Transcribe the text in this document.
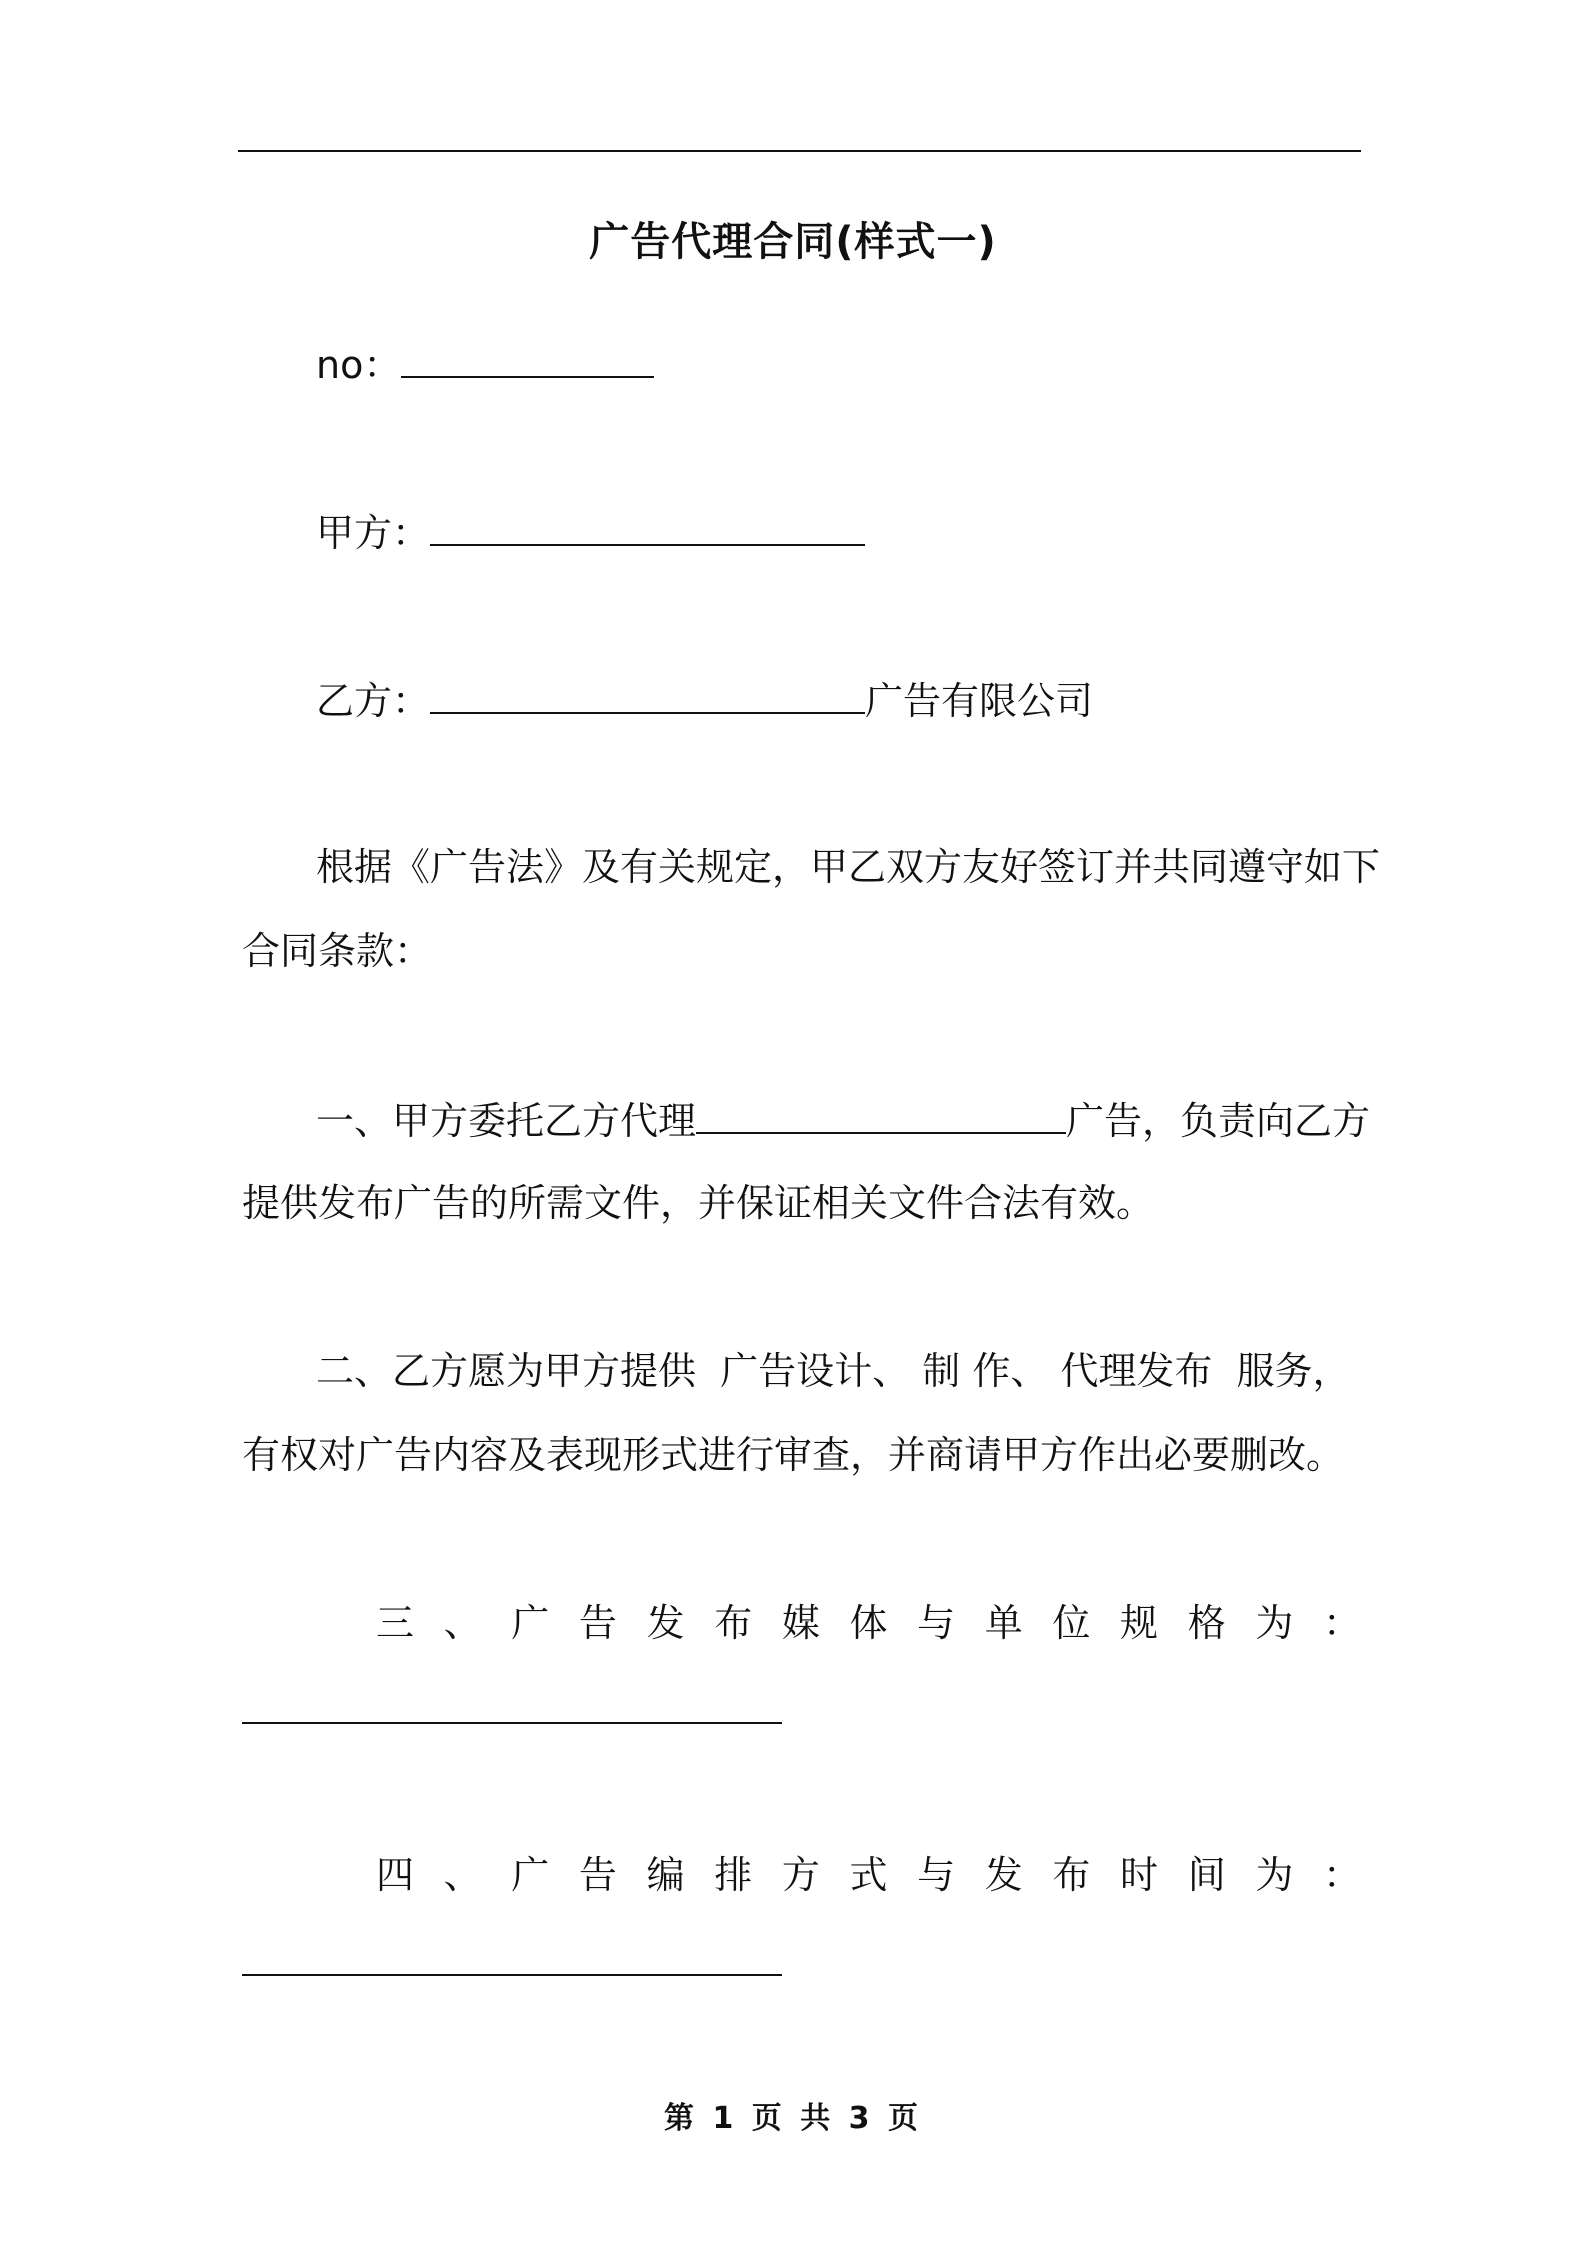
广告代理合同(样式一)
no：
甲方：
乙方：	广告有限公司
根据《广告法》及有关规定，甲乙双方友好签订并共同遵守如下
合同条款：
一、甲方委托乙方代理	广告，负责向乙方
提供发布广告的所需文件，并保证相关文件合法有效。
二、乙方愿为甲方提供  广告设计、 制 作、 代理发布  服务，
有权对广告内容及表现形式进行审查，并商请甲方作出必要删改。
三 、 广 告 发 布 媒 体 与 单 位 规 格 为 ：
四 、 广 告 编 排 方 式 与 发 布 时 间 为 ：
第 1 页 共 3 页
